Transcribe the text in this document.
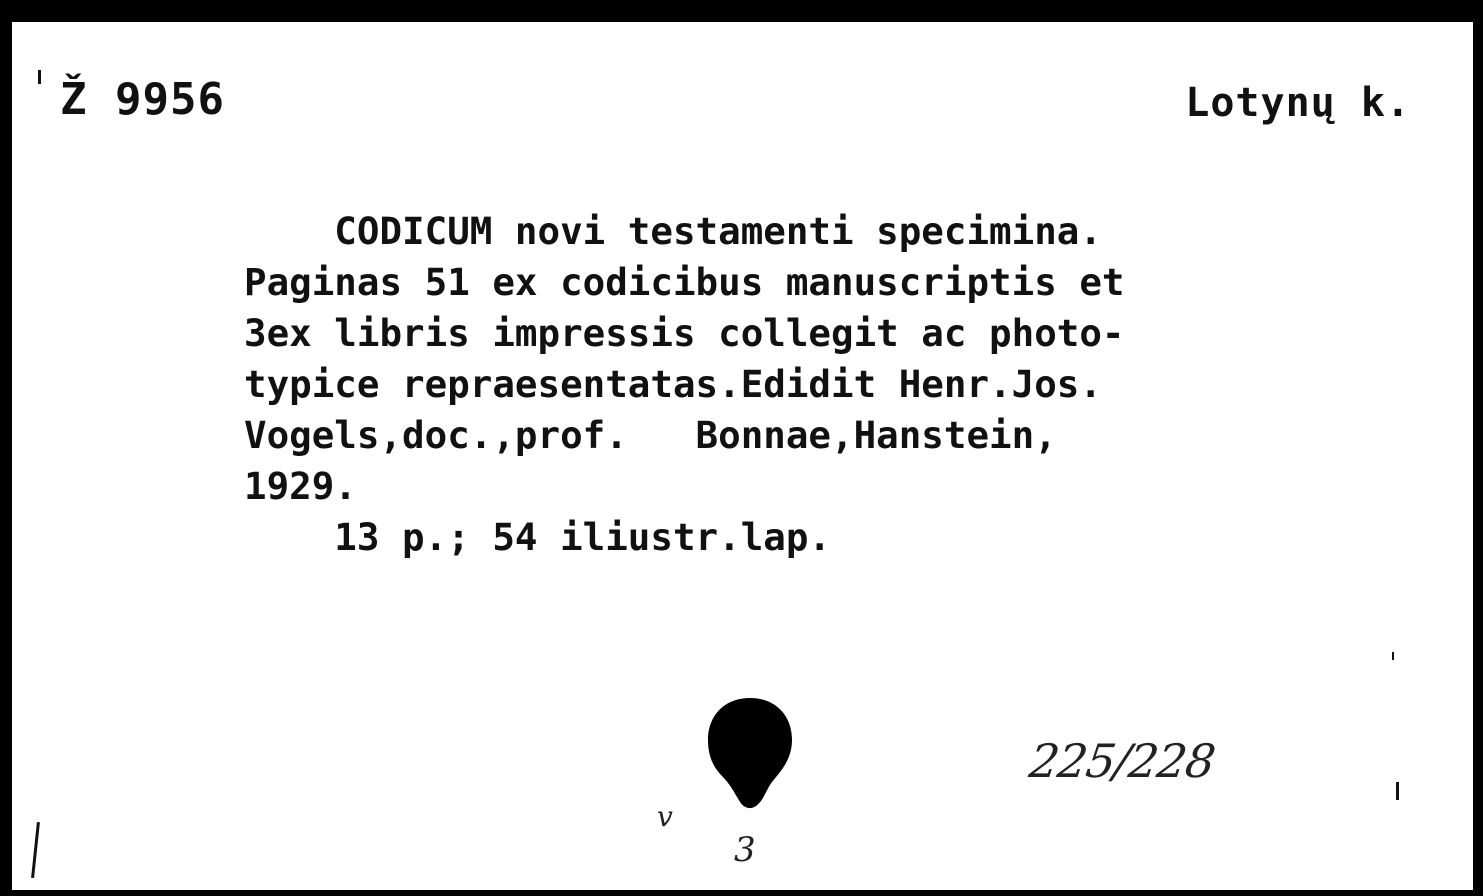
Ž 9956	Lotynų k.
CODICUM novi testamenti specimina.
Paginas 51 ex codicibus manuscriptis et
3ex libris impressis collegit ac photo-
typice repraesentatas.Edidit Henr.Jos.
Vogels,doc.,prof.   Bonnae,Hanstein,
1929.
13 p.; 54 iliustr.lap.
v
3
225/228
